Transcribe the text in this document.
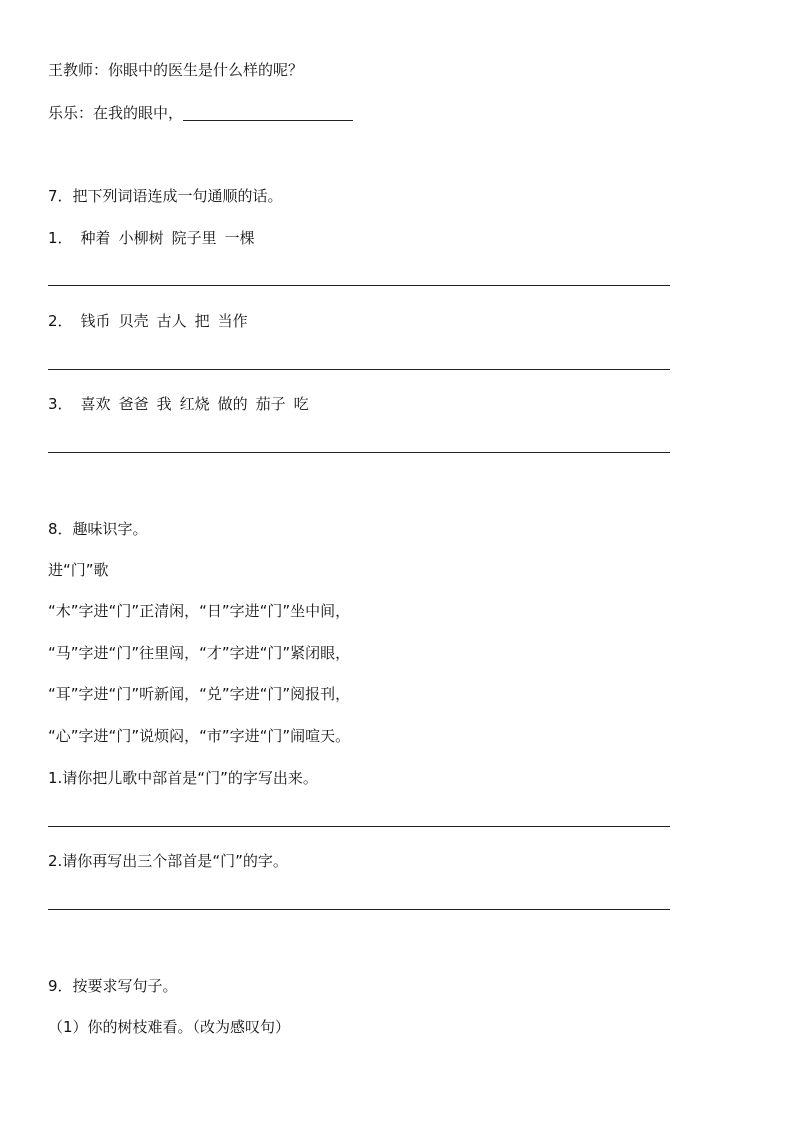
王教师：你眼中的医生是什么样的呢？
乐乐：在我的眼中，
7．把下列词语连成一句通顺的话。
1． 种着 小柳树 院子里 一棵
2． 钱币 贝壳 古人 把 当作
3． 喜欢 爸爸 我 红烧 做的 茄子 吃
8．趣味识字。
进“门”歌
“木”字进“门”正清闲，“日”字进“门”坐中间，
“马”字进“门”往里闯，“才”字进“门”紧闭眼，
“耳”字进“门”听新闻，“兑”字进“门”阅报刊，
“心”字进“门”说烦闷，“市”字进“门”闹喧天。
1.请你把儿歌中部首是“门”的字写出来。
2.请你再写出三个部首是“门”的字。
9．按要求写句子。
（1）你的树枝难看。（改为感叹句）
